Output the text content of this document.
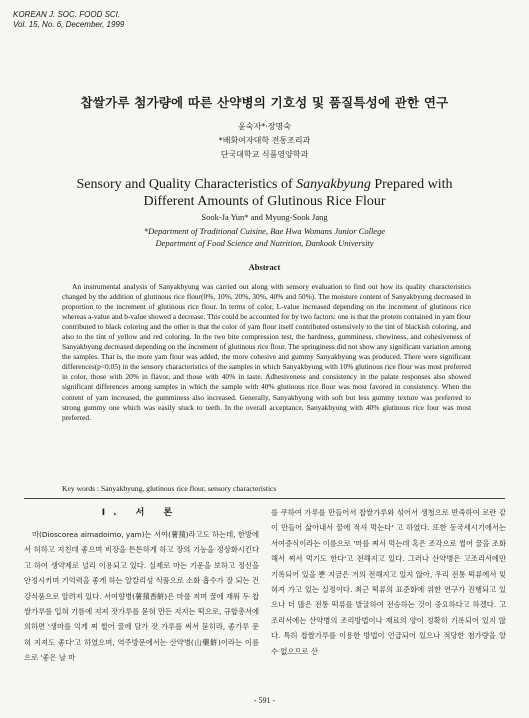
KOREAN J. SOC. FOOD SCI.
Vol. 15, No. 6, December, 1999
찹쌀가루 첨가량에 따른 산약병의 기호성 및 품질특성에 관한 연구
윤숙자*·장명숙
*배화여자대학 전통조리과
단국대학교 식품영양학과
Sensory and Quality Characteristics of Sanyakbyung Prepared with
Different Amounts of Glutinous Rice Flour
Sook-Ja Yun* and Myung-Sook Jang
*Department of Traditional Cuisine, Bae Hwa Womans Junior College
Department of Food Science and Nutrition, Dankook University
Abstract

An instrumental analysis of Sanyakbyung was carried out along with sensory evaluation to find out how its quality characteristics changed by the addition of glutinous rice flour(0%, 10%, 20%, 30%, 40% and 50%). The moisture content of Sanyakbyung decreased in proportion to the increment of glutinous rice flour. In terms of color, L-value increased depending on the increment of glutinous rice whereas a-value and b-value showed a decrease. This could be accounted for by two factors: one is that the protein contained in yam flour contributed to black coloring and the other is that the color of yam flour itself contributed ostensively to the tint of blackish coloring, and also to the tint of yellow and red coloring. In the two bite compression test, the hardness, gumminess, chewiness, and cohesiveness of Sanyakbyung decreased depending on the increment of glutinous rice flour. The springiness did not show any significant variation among the samples. That is, the more yam flour was added, the more cohesive and gummy Sanyakbyung was produced. There were significant differences(p<0.05) in the sensory characteristics of the samples in which Sanyakbyung with 10% glutinous rice flour was most preferred in color, those with 20% in flavor, and those with 40% in taste. Adhesiveness and consistency in the palate responses also showed significant differences among samples in which the sample with 40% glutinous rice flour was most favored in consistency. When the content of yam increased, the gumminess also increased. Generally, Sanyakbyung with soft but less gummy texture was preferred to strong gummy one which was easily stuck to teeth. In the overall acceptance, Sanyakbyung with 40% glutinous rice four was most preferred.

Key words : Sanyakbyung, glutinous rice flour, sensory characteristics
I. 서 론

마(Dioscorea aimadoimo, yam)는 서여(薯蕷)라고도 하는데, 한방에서 허하고 지친데 좋으며 비장을 튼튼하게 하고 장의 기능을 정상화시킨다고 하여 생약제로 널리 이용되고 있다. 실제로 마는 기운을 보하고 정신을 안정시키며 기억력을 좋게 하는 알칼리성 식품으로 소화 흡수가 잘 되는 건강식품으로 알려져 있다. 서여향병(薯蕷香餠)은 마를 저며 꿀에 재워 두 찹쌀가루를 입혀 기름에 지져 잣가루를 묻혀 만든 지지는 떡으로, 규합총서에 의하면 '생마를 익게 쪄 썰어 꿀에 담가 잣 가루를 써서 묻히라, 좋가루 문혀 지져도 좋다'고 하였으며, 역주방문에서는 산약병(山藥餠)이라는 이름으로 '좋은 날 마

를 쿠하여 가루를 만들어서 찹쌀가루와 섞어서 생청으로 반죽하여 로란 같이 만들어 삶아내서 꿀에 적셔 먹는다' 고 하였다. 또한 동국세시기에서는 서여증식이라는 이름으로 '마를 쪄서 먹는데 혹은 조각으로 썰어 꿀을 조화해서 쪄서 먹기도 한다'고 전해지고 있다. 그러나 산약병은 고조리서에만 기록되어 있을 뿐 지금은 거의 전해지고 있지 않아, 우리 전통 떡류에서 잊혀져 가고 있는 실정이다. 최근 떡류의 표준화에 위한 연구가 진행되고 있으나 더 많은 전통 떡류를 발굴하여 전승하는 것이 중요하다고 하겠다. 고조리서에는 산약병의 조리방법이나 재료의 양이 정확히 기록되어 있지 않다. 특히 찹쌀가루를 이용한 방법이 언급되어 있으나 적당한 첨가량을 알 수 없으므로 산

- 591 -
